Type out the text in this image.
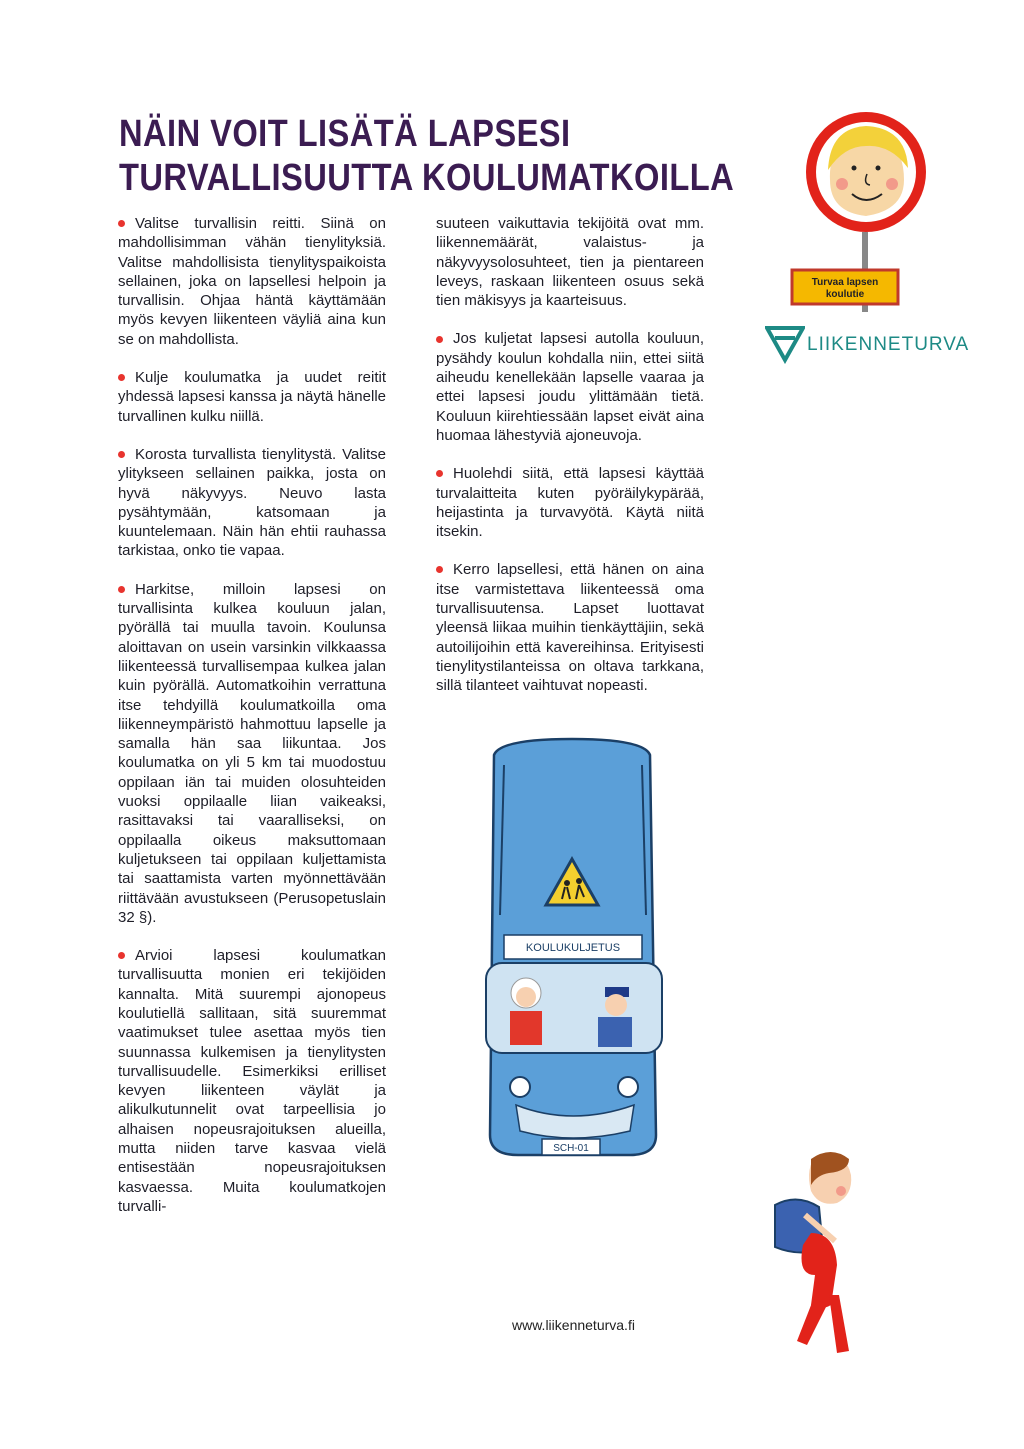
NÄIN VOIT LISÄTÄ LAPSESI
TURVALLISUUTTA KOULUMATKOILLA
Turvaa lapsen
koulutie
LIIKENNETURVA

Valitse turvallisin reitti. Siinä on mahdollisimman vähän tienylityksiä. Valitse mahdollisista tienylityspaikoista sellainen, joka on lapsellesi helpoin ja turvallisin. Ohjaa häntä käyttämään myös kevyen liikenteen väyliä aina kun se on mahdollista.

Kulje koulumatka ja uudet reitit yhdessä lapsesi kanssa ja näytä hänelle turvallinen kulku niillä.

Korosta turvallista tienylitystä. Valitse ylitykseen sellainen paikka, josta on hyvä näkyvyys. Neuvo lasta pysähtymään, katsomaan ja kuuntelemaan. Näin hän ehtii rauhassa tarkistaa, onko tie vapaa.

Harkitse, milloin lapsesi on turvallisinta kulkea kouluun jalan, pyörällä tai muulla tavoin. Koulunsa aloittavan on usein varsinkin vilkkaassa liikenteessä turvallisempaa kulkea jalan kuin pyörällä. Automatkoihin verrattuna itse tehdyillä koulumatkoilla oma liikenneympäristö hahmottuu lapselle ja samalla hän saa liikuntaa. Jos koulumatka on yli 5 km tai muodostuu oppilaan iän tai muiden olosuhteiden vuoksi oppilaalle liian vaikeaksi, rasittavaksi tai vaaralliseksi, on oppilaalla oikeus maksuttomaan kuljetukseen tai oppilaan kuljettamista tai saattamista varten myönnettävään riittävään avustukseen (Perusopetuslain 32 §).

Arvioi lapsesi koulumatkan turvallisuutta monien eri tekijöiden kannalta. Mitä suurempi ajonopeus koulutiellä sallitaan, sitä suuremmat vaatimukset tulee asettaa myös tien suunnassa kulkemisen ja tienylitysten turvallisuudelle. Esimerkiksi erilliset kevyen liikenteen väylät ja alikulkutunnelit ovat tarpeellisia jo alhaisen nopeusrajoituksen alueilla, mutta niiden tarve kasvaa vielä entisestään nopeusrajoituksen kasvaessa. Muita koulumatkojen turvalli-

suuteen vaikuttavia tekijöitä ovat mm. liikennemäärät, valaistus- ja näkyvyysolosuhteet, tien ja pientareen leveys, raskaan liikenteen osuus sekä tien mäkisyys ja kaarteisuus.

Jos kuljetat lapsesi autolla kouluun, pysähdy koulun kohdalla niin, ettei siitä aiheudu kenellekään lapselle vaaraa ja ettei lapsesi joudu ylittämään tietä. Kouluun kiirehtiessään lapset eivät aina huomaa lähestyviä ajoneuvoja.

Huolehdi siitä, että lapsesi käyttää turvalaitteita kuten pyöräilykypärää, heijastinta ja turvavyötä. Käytä niitä itsekin.

Kerro lapsellesi, että hänen on aina itse varmistettava liikenteessä oma turvallisuutensa. Lapset luottavat yleensä liikaa muihin tienkäyttäjiin, sekä autoilijoihin että kavereihinsa. Erityisesti tienylitystilanteissa on oltava tarkkana, sillä tilanteet vaihtuvat nopeasti.

KOULUKULJETUS
SCH-01
www.liikenneturva.fi
